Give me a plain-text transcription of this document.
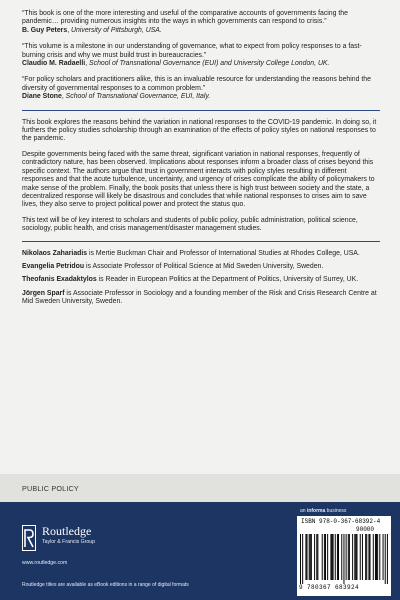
“This book is one of the more interesting and useful of the comparative accounts of governments facing the pandemic… providing numerous insights into the ways in which governments can respond to crisis.”
B. Guy Peters, University of Pittsburgh, USA.
“This volume is a milestone in our understanding of governance, what to expect from policy responses to a fast-burning crisis and why we must build trust in bureaucracies.”
Claudio M. Radaelli, School of Transnational Governance (EUI) and University College London, UK.
“For policy scholars and practitioners alike, this is an invaluable resource for understanding the reasons behind the diversity of governmental responses to a common problem.”
Diane Stone, School of Transnational Governance, EUI, Italy.

This book explores the reasons behind the variation in national responses to the COVID-19 pandemic. In doing so, it furthers the policy studies scholarship through an examination of the effects of policy styles on national responses to the pandemic.

Despite governments being faced with the same threat, significant variation in national responses, frequently of contradictory nature, has been observed. Implications about responses inform a broader class of crises beyond this specific context. The authors argue that trust in government interacts with policy styles resulting in different responses and that the acute turbulence, uncertainty, and urgency of crises complicate the ability of policymakers to make sense of the problem. Finally, the book posits that unless there is high trust between society and the state, a decentralized response will likely be disastrous and concludes that while national responses to crises aim to save lives, they also serve to project political power and protect the status quo.

This text will be of key interest to scholars and students of public policy, public administration, political science, sociology, public health, and crisis management/disaster management studies.

Nikolaos Zahariadis is Mertie Buckman Chair and Professor of International Studies at Rhodes College, USA.

Evangelia Petridou is Associate Professor of Political Science at Mid Sweden University, Sweden.

Theofanis Exadaktylos is Reader in European Politics at the Department of Politics, University of Surrey, UK.

Jörgen Sparf is Associate Professor in Sociology and a founding member of the Risk and Crisis Research Centre at Mid Sweden University, Sweden.

PUBLIC POLICY
Routledge
Taylor & Francis Group
www.routledge.com
Routledge titles are available as eBook editions in a range of digital formats
an informa business
ISBN 978-0-367-68392-4
90000
9 780367 683924
